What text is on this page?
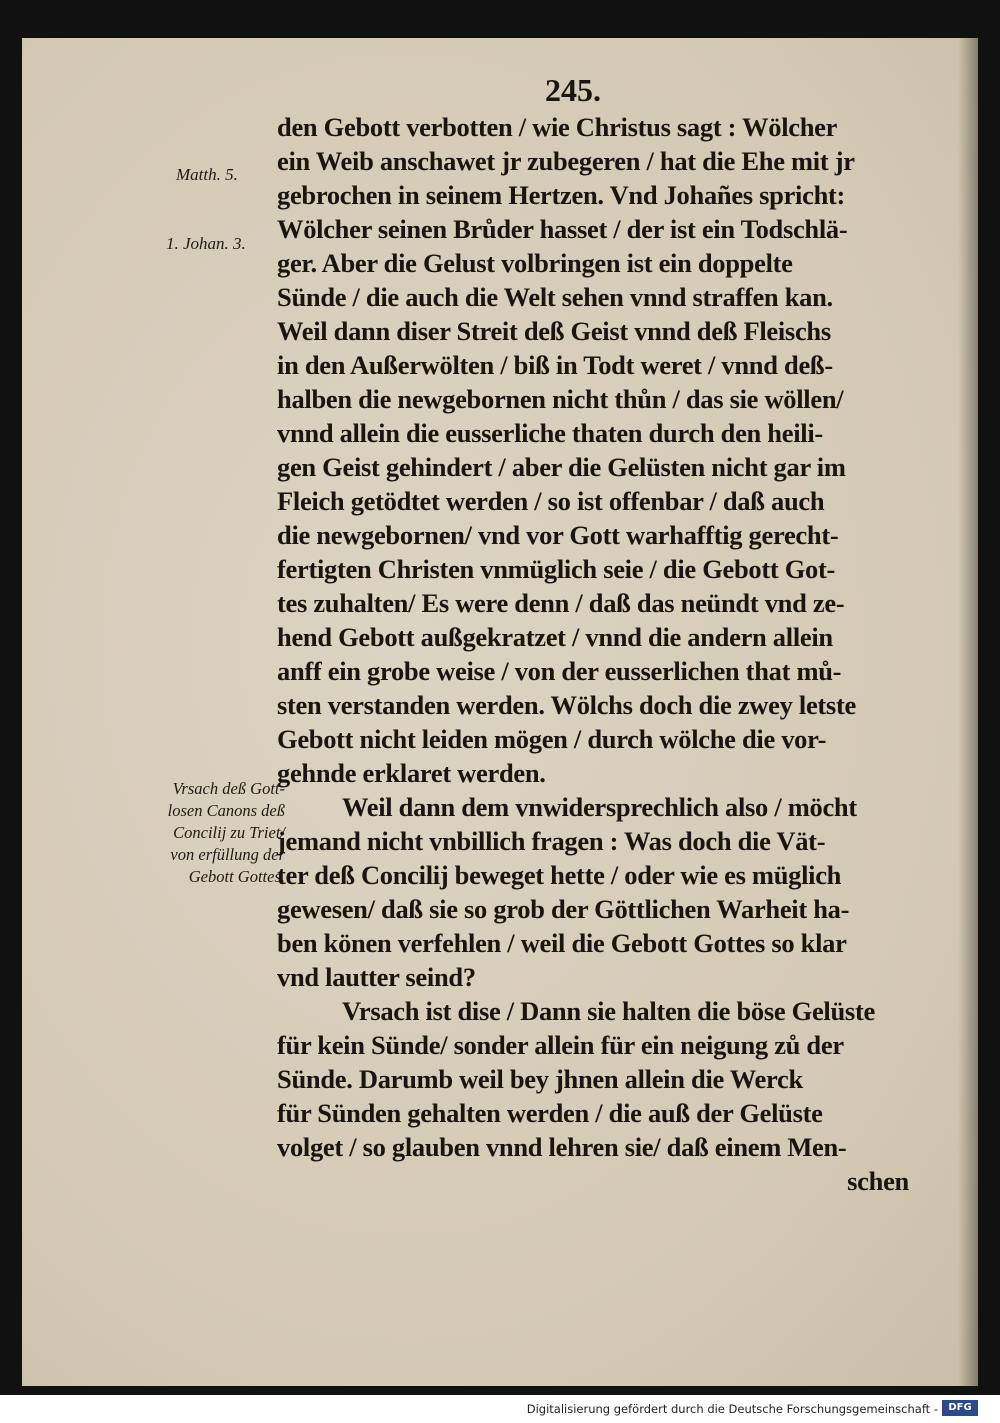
245.
Matth. 5.
1. Johan. 3.
Vrsach deß Gott-
losen Canons deß
Concilij zu Triet/
von erfüllung der
Gebott Gottes.
den Gebott verbotten / wie Christus sagt : Wölcher
ein Weib anschawet jr zubegeren / hat die Ehe mit jr
gebrochen in seinem Hertzen. Vnd Johañes spricht:
Wölcher seinen Brůder hasset / der ist ein Todschlä-
ger. Aber die Gelust volbringen ist ein doppelte
Sünde / die auch die Welt sehen vnnd straffen kan.
Weil dann diser Streit deß Geist vnnd deß Fleischs
in den Außerwölten / biß in Todt weret / vnnd deß-
halben die newgebornen nicht thůn / das sie wöllen/
vnnd allein die eusserliche thaten durch den heili-
gen Geist gehindert / aber die Gelüsten nicht gar im
Fleich getödtet werden / so ist offenbar / daß auch
die newgebornen/ vnd vor Gott warhafftig gerecht-
fertigten Christen vnmüglich seie / die Gebott Got-
tes zuhalten/ Es were denn / daß das neündt vnd ze-
hend Gebott außgekratzet / vnnd die andern allein
anff ein grobe weise / von der eusserlichen that mů-
sten verstanden werden. Wölchs doch die zwey letste
Gebott nicht leiden mögen / durch wölche die vor-
gehnde erklaret werden.
Weil dann dem vnwidersprechlich also / möcht
jemand nicht vnbillich fragen : Was doch die Vät-
ter deß Concilij beweget hette / oder wie es müglich
gewesen/ daß sie so grob der Göttlichen Warheit ha-
ben könen verfehlen / weil die Gebott Gottes so klar
vnd lautter seind?
Vrsach ist dise / Dann sie halten die böse Gelüste
für kein Sünde/ sonder allein für ein neigung zů der
Sünde. Darumb weil bey jhnen allein die Werck
für Sünden gehalten werden / die auß der Gelüste
volget / so glauben vnnd lehren sie/ daß einem Men-
schen
Digitalisierung gefördert durch die Deutsche Forschungsgemeinschaft -	DFG
